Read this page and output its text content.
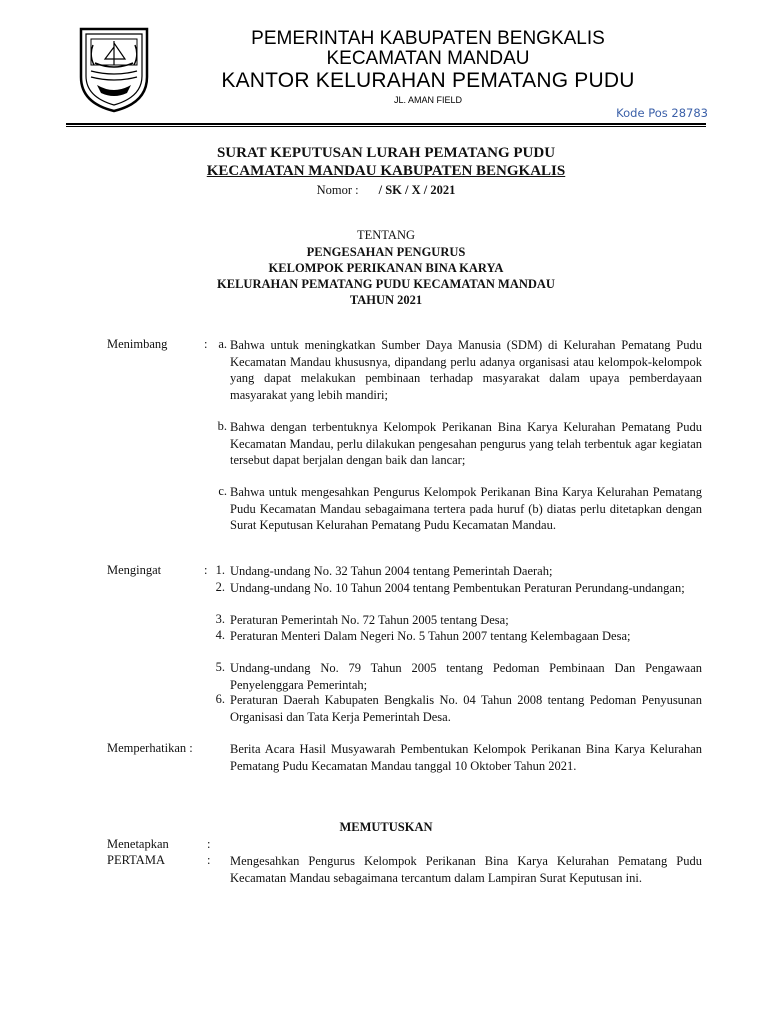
PEMERINTAH KABUPATEN BENGKALIS
KECAMATAN MANDAU
KANTOR KELURAHAN PEMATANG PUDU
JL. AMAN FIELD
Kode Pos 28783
SURAT KEPUTUSAN LURAH PEMATANG PUDU
KECAMATAN MANDAU KABUPATEN BENGKALIS
Nomor : / SK / X / 2021
TENTANG
PENGESAHAN PENGURUS
KELOMPOK PERIKANAN BINA KARYA
KELURAHAN PEMATANG PUDU KECAMATAN MANDAU
TAHUN 2021
Menimbang	: a. Bahwa untuk meningkatkan Sumber Daya Manusia (SDM) di Kelurahan Pematang Pudu Kecamatan Mandau khususnya, dipandang perlu adanya organisasi atau kelompok-kelompok yang dapat melakukan pembinaan terhadap masyarakat dalam upaya pemberdayaan masyarakat yang lebih mandiri;
b. Bahwa dengan terbentuknya Kelompok Perikanan Bina Karya Kelurahan Pematang Pudu Kecamatan Mandau, perlu dilakukan pengesahan pengurus yang telah terbentuk agar kegiatan tersebut dapat berjalan dengan baik dan lancar;
c. Bahwa untuk mengesahkan Pengurus Kelompok Perikanan Bina Karya Kelurahan Pematang Pudu Kecamatan Mandau sebagaimana tertera pada huruf (b) diatas perlu ditetapkan dengan Surat Keputusan Kelurahan Pematang Pudu Kecamatan Mandau.
Mengingat	: 1. Undang-undang No. 32 Tahun 2004 tentang Pemerintah Daerah;
2. Undang-undang No. 10 Tahun 2004 tentang Pembentukan Peraturan Perundang-undangan;
3. Peraturan Pemerintah No. 72 Tahun 2005 tentang Desa;
4. Peraturan Menteri Dalam Negeri No. 5 Tahun 2007 tentang Kelembagaan Desa;
5. Undang-undang No. 79 Tahun 2005 tentang Pedoman Pembinaan Dan Pengawaan Penyelenggara Pemerintah;
6. Peraturan Daerah Kabupaten Bengkalis No. 04 Tahun 2008 tentang Pedoman Penyusunan Organisasi dan Tata Kerja Pemerintah Desa.
Memperhatikan :	Berita Acara Hasil Musyawarah Pembentukan Kelompok Perikanan Bina Karya Kelurahan Pematang Pudu Kecamatan Mandau tanggal 10 Oktober Tahun 2021.
MEMUTUSKAN
Menetapkan	:
PERTAMA	: Mengesahkan Pengurus Kelompok Perikanan Bina Karya Kelurahan Pematang Pudu Kecamatan Mandau sebagaimana tercantum dalam Lampiran Surat Keputusan ini.
